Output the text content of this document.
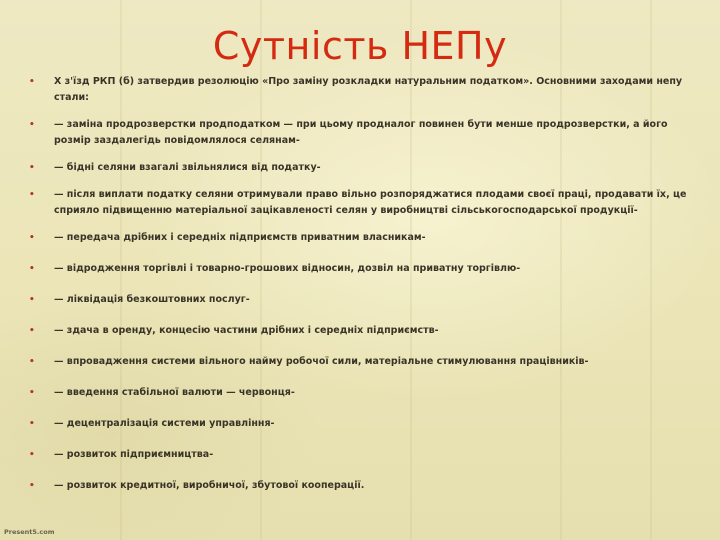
Сутність НЕПу
• Х з'їзд РКП (б) затвердив резолюцію «Про заміну розкладки натуральним податком». Основними заходами непу стали:
• — заміна продрозверстки продподатком — при цьому продналог повинен бути менше продрозверстки, а його розмір заздалегідь повідомлялося селянам-
• — бідні селяни взагалі звільнялися від податку-
• — після виплати податку селяни отримували право вільно розпоряджатися плодами своєї праці, продавати їх, це сприяло підвищенню матеріальної зацікавленості селян у виробництві сільськогосподарської продукції-
• — передача дрібних і середніх підприємств приватним власникам-
• — відродження торгівлі і товарно-грошових відносин, дозвіл на приватну торгівлю-
• — ліквідація безкоштовних послуг-
• — здача в оренду, концесію частини дрібних і середніх підприємств-
• — впровадження системи вільного найму робочої сили, матеріальне стимулювання працівників-
• — введення стабільної валюти — червонця-
• — децентралізація системи управління-
• — розвиток підприємництва-
• — розвиток кредитної, виробничої, збутової кооперації.
Present5.com
